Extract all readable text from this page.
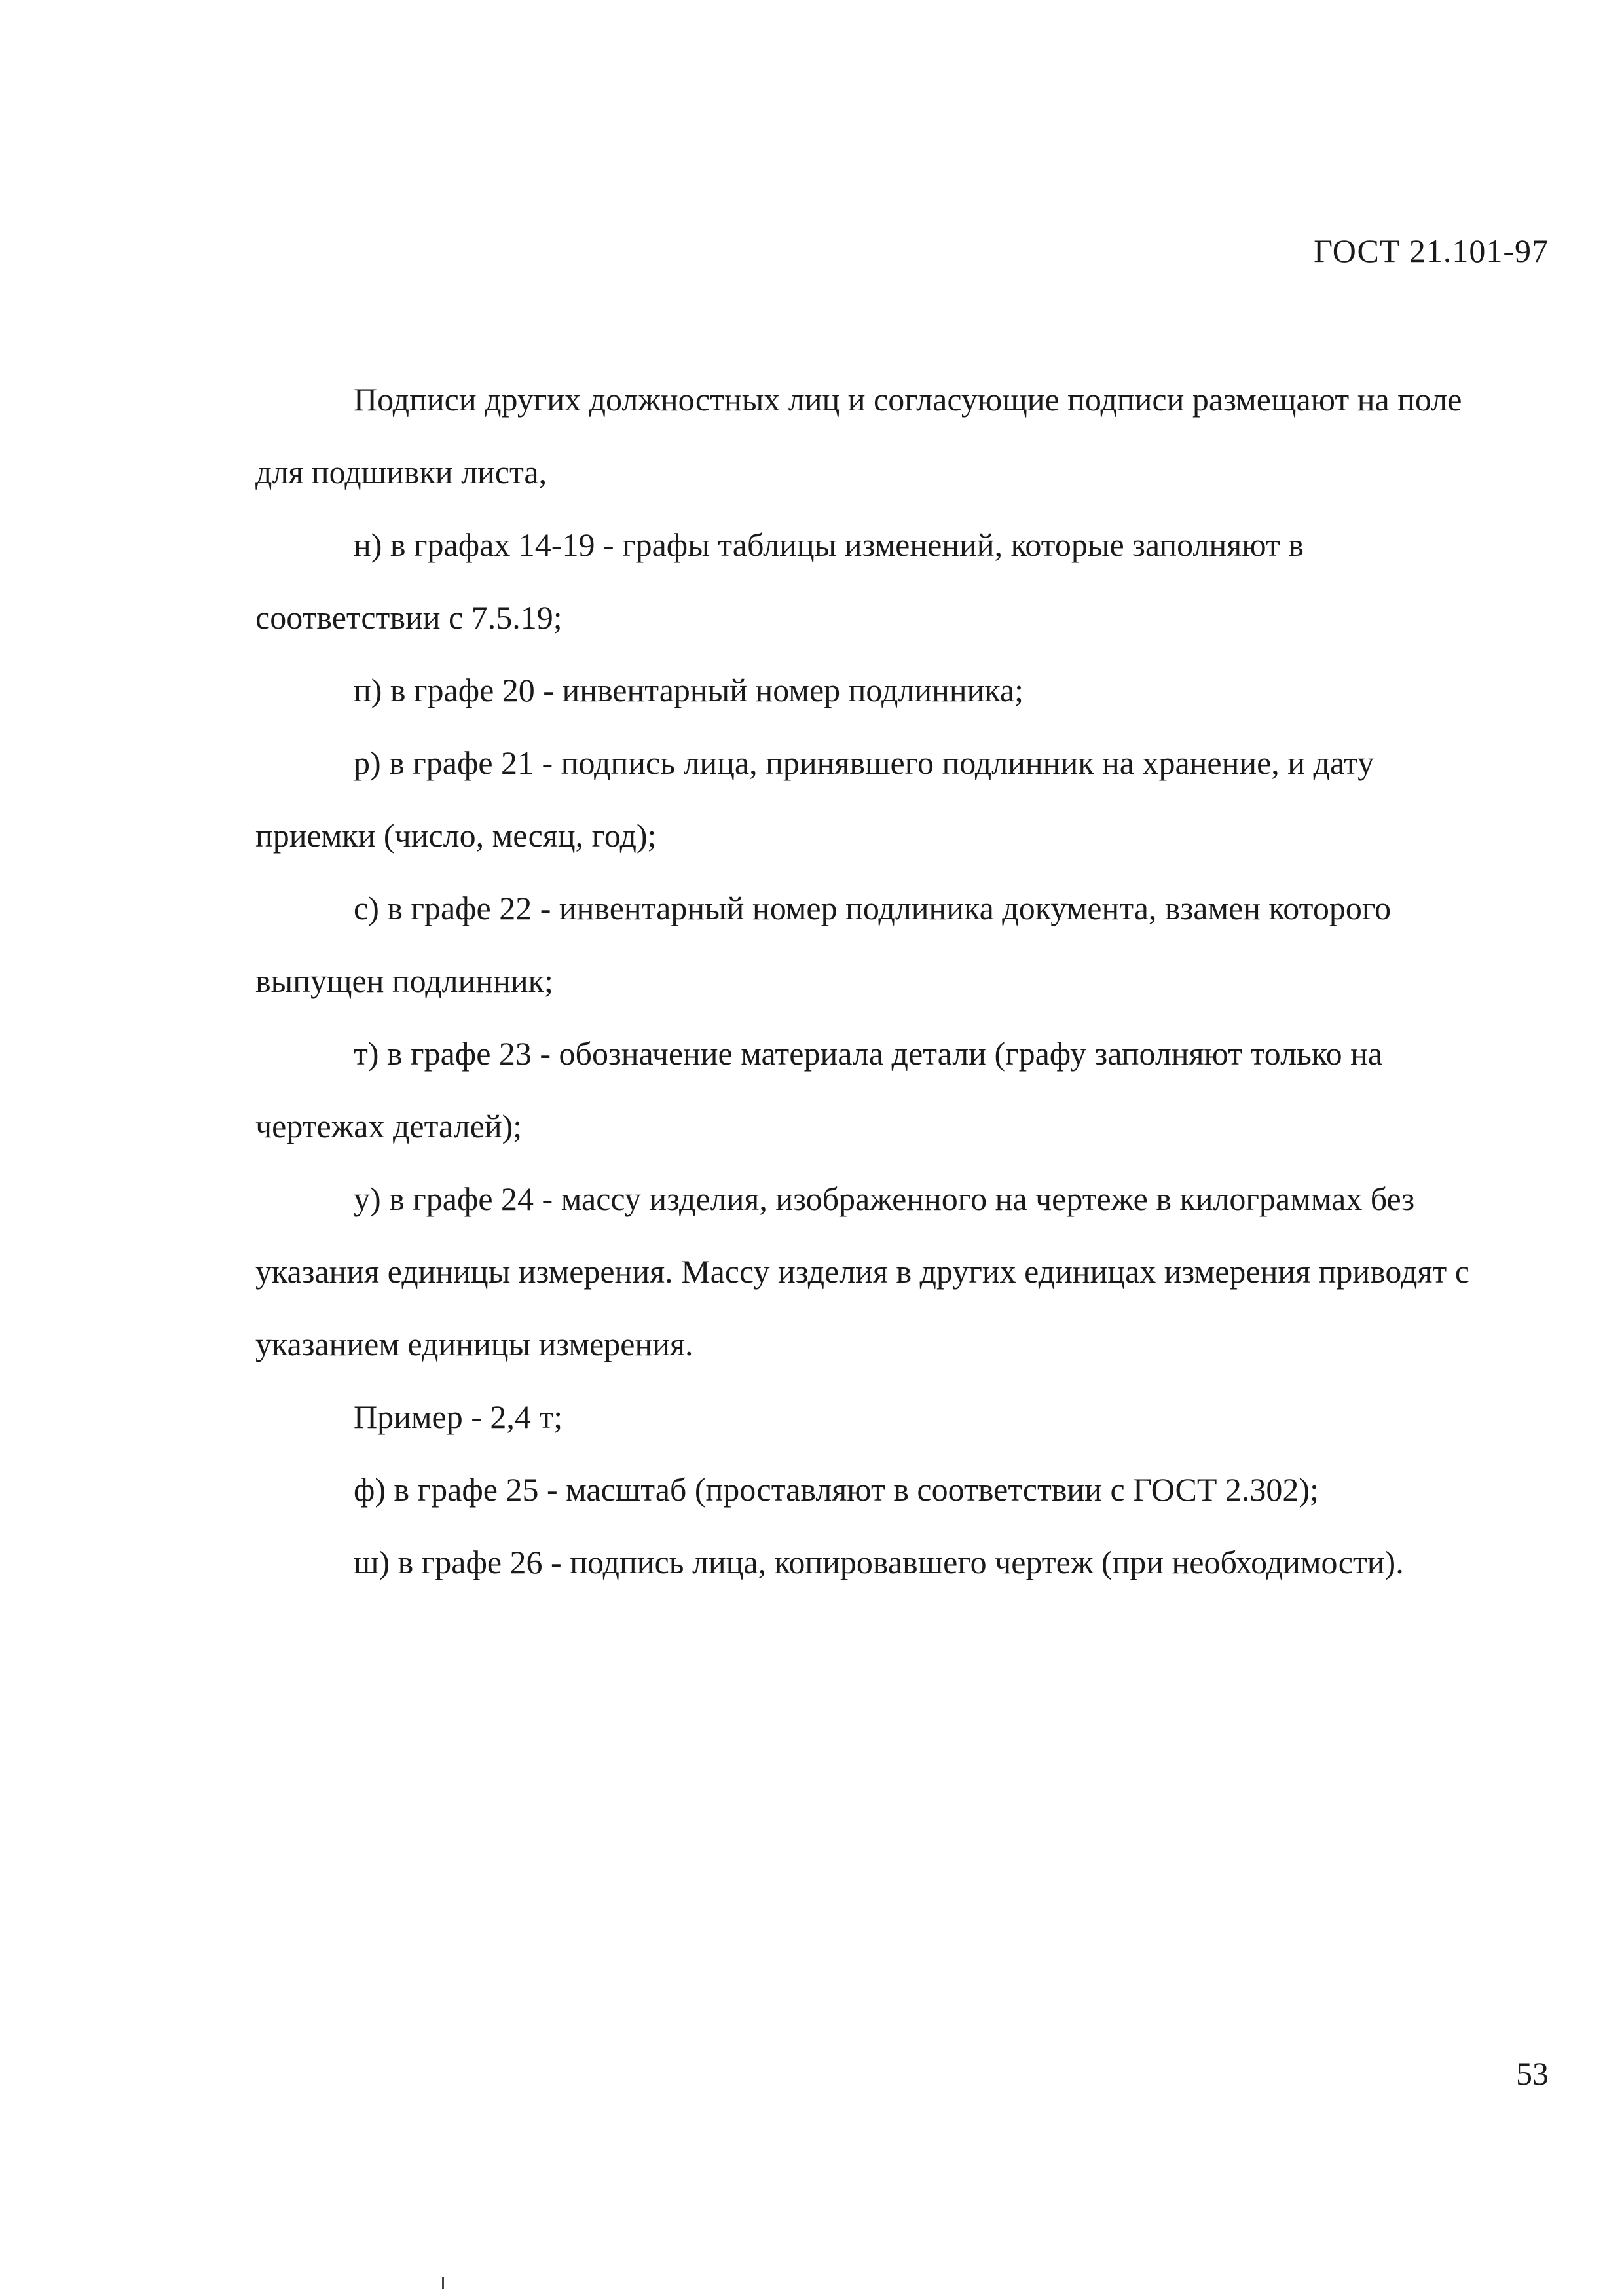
ГОСТ 21.101-97
Подписи других должностных лиц и согласующие подписи размещают на поле
для подшивки листа,
н) в графах 14-19 - графы таблицы изменений, которые заполняют в
соответствии с 7.5.19;
п) в графе 20 - инвентарный номер подлинника;
р) в графе 21 - подпись лица, принявшего подлинник на хранение, и дату
приемки (число, месяц, год);
с) в графе 22 - инвентарный номер подлиника документа, взамен которого
выпущен подлинник;
т) в графе 23 - обозначение материала детали (графу заполняют только на
чертежах деталей);
у) в графе 24 - массу изделия, изображенного на чертеже в килограммах без
указания единицы измерения. Массу изделия в других единицах измерения приводят с
указанием единицы измерения.
Пример - 2,4 т;
ф) в графе 25 - масштаб (проставляют в соответствии с ГОСТ 2.302);
ш) в графе 26 - подпись лица, копировавшего чертеж (при необходимости).
53
